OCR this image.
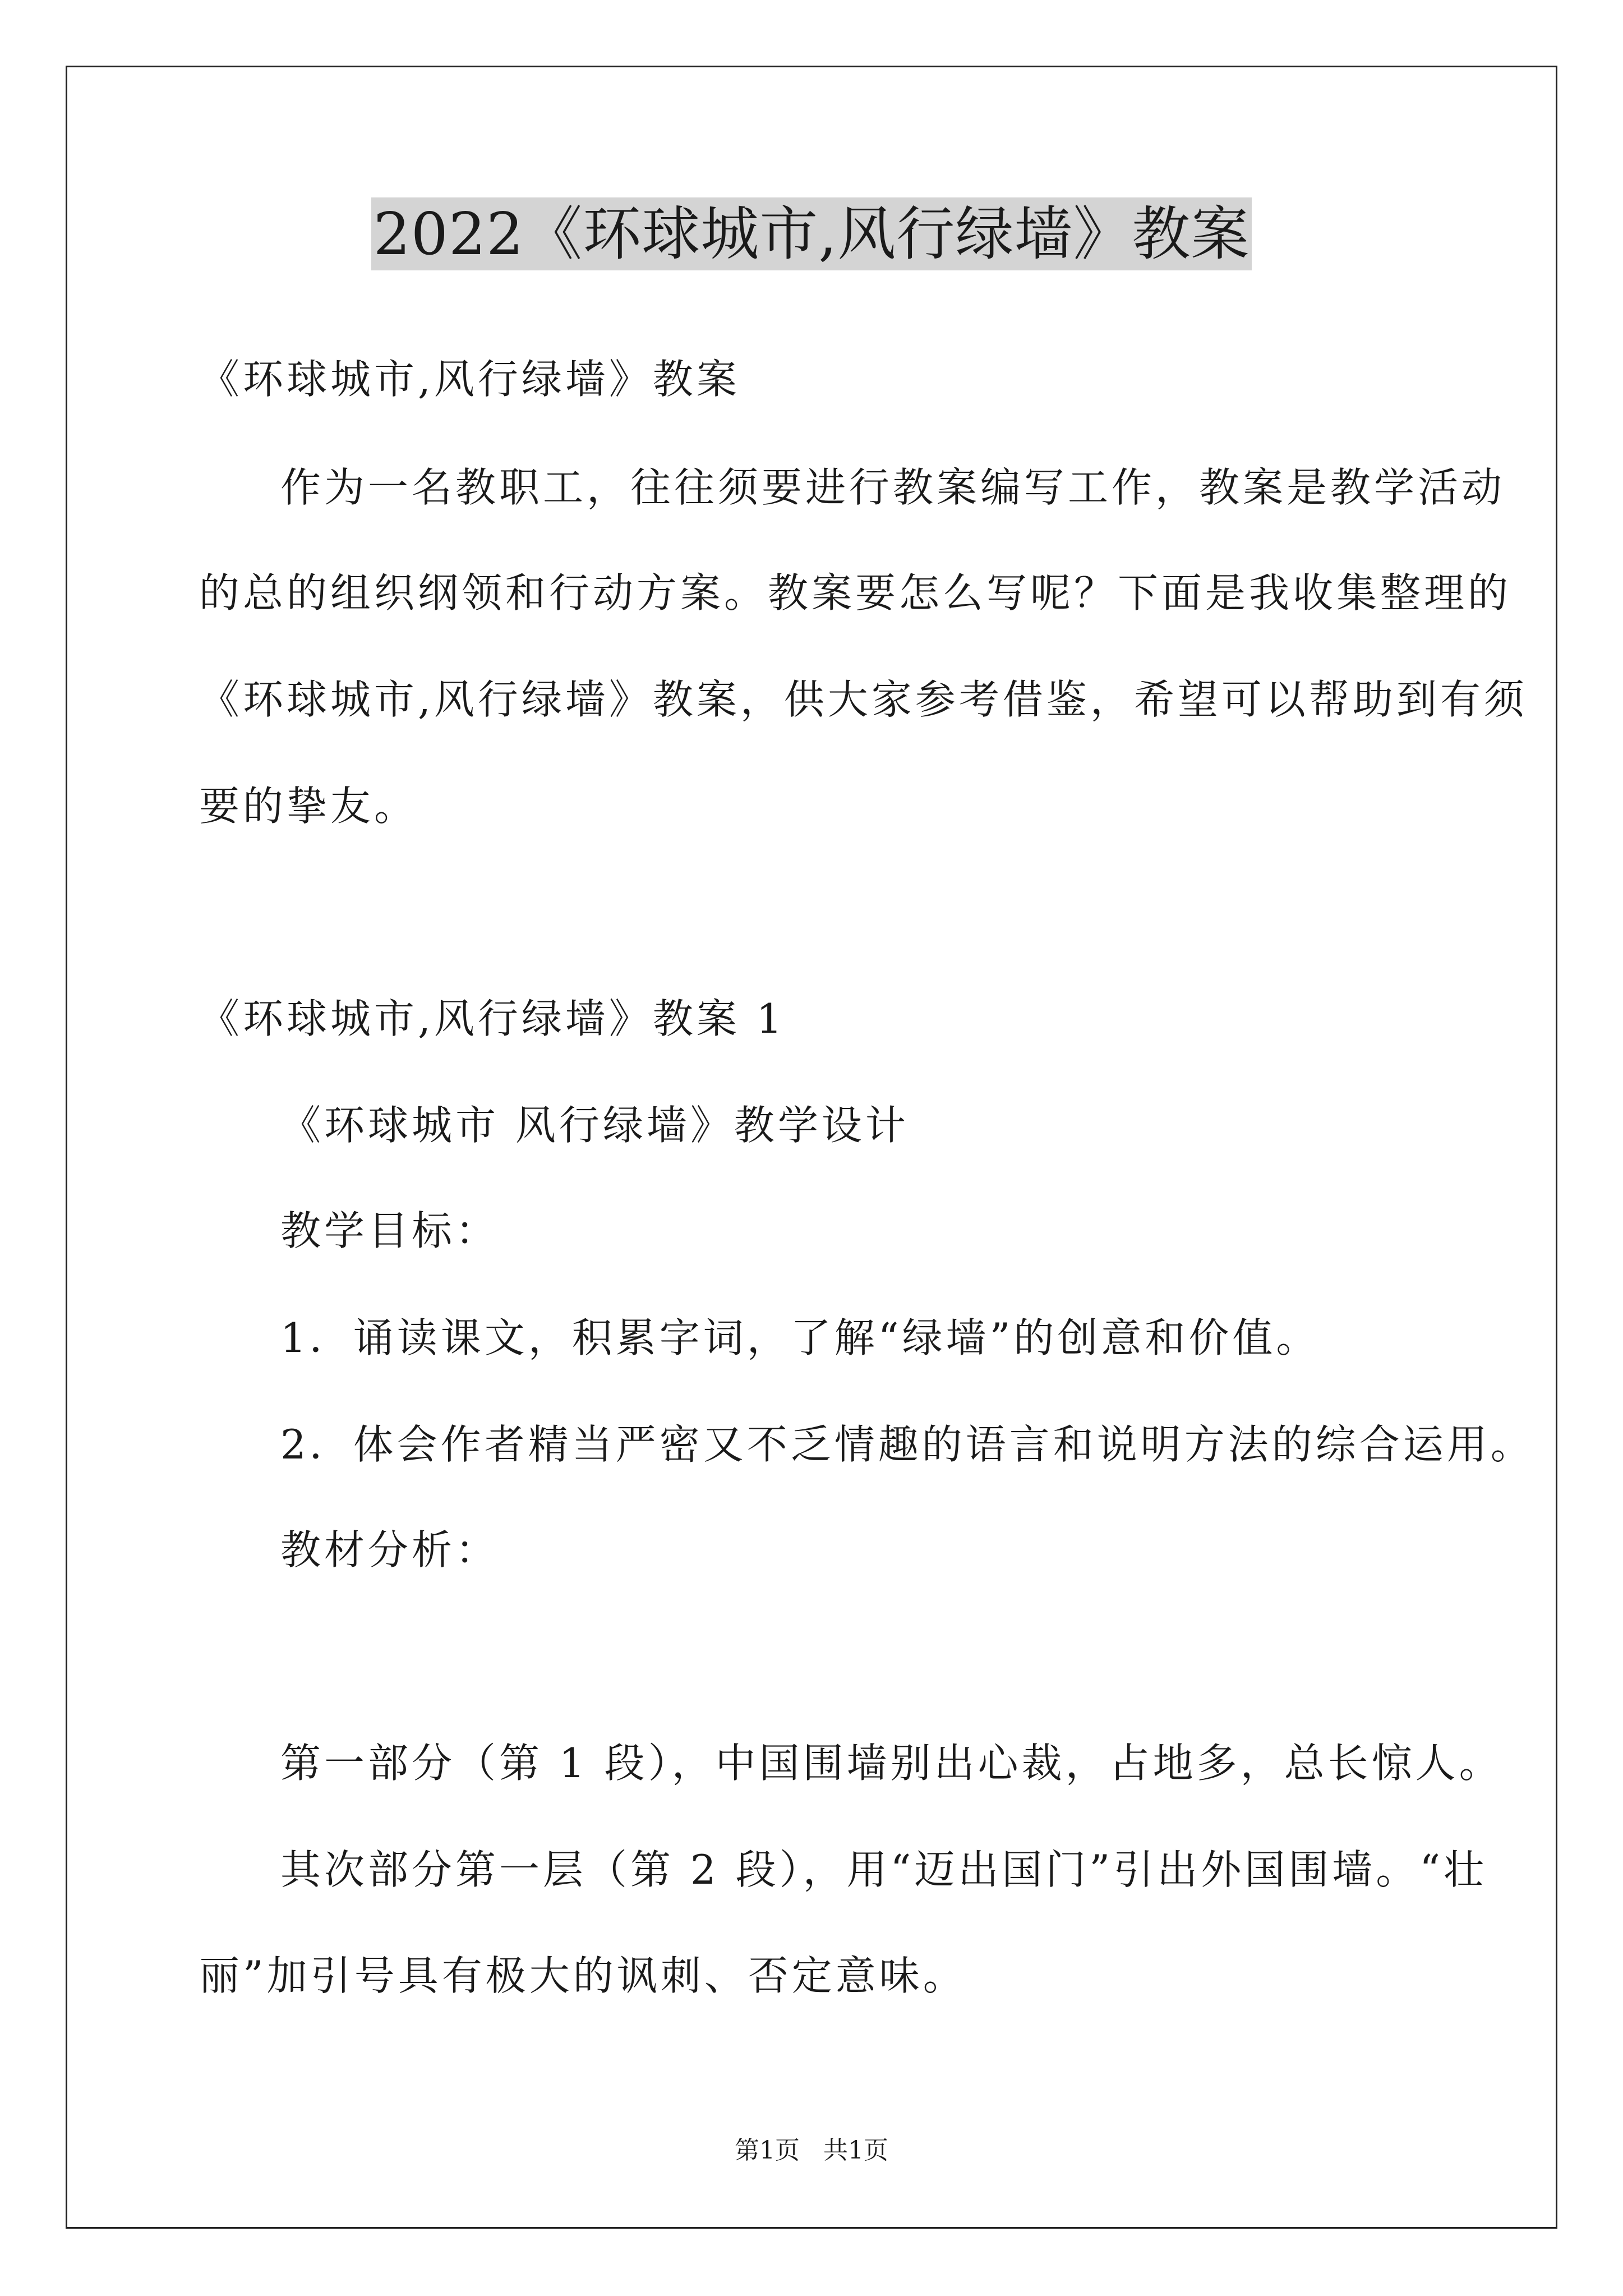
2022《环球城市,风行绿墙》教案
《环球城市,风行绿墙》教案
作为一名教职工，往往须要进行教案编写工作，教案是教学活动
的总的组织纲领和行动方案。教案要怎么写呢？下面是我收集整理的
《环球城市,风行绿墙》教案，供大家参考借鉴，希望可以帮助到有须
要的挚友。
《环球城市,风行绿墙》教案 1
《环球城市 风行绿墙》教学设计
教学目标：
1．诵读课文，积累字词，了解“绿墙”的创意和价值。
2．体会作者精当严密又不乏情趣的语言和说明方法的综合运用。
教材分析：
第一部分（第 1 段），中国围墙别出心裁，占地多，总长惊人。
其次部分第一层（第 2 段），用“迈出国门”引出外国围墙。“壮
丽”加引号具有极大的讽刺、否定意味。
第1页   共1页
